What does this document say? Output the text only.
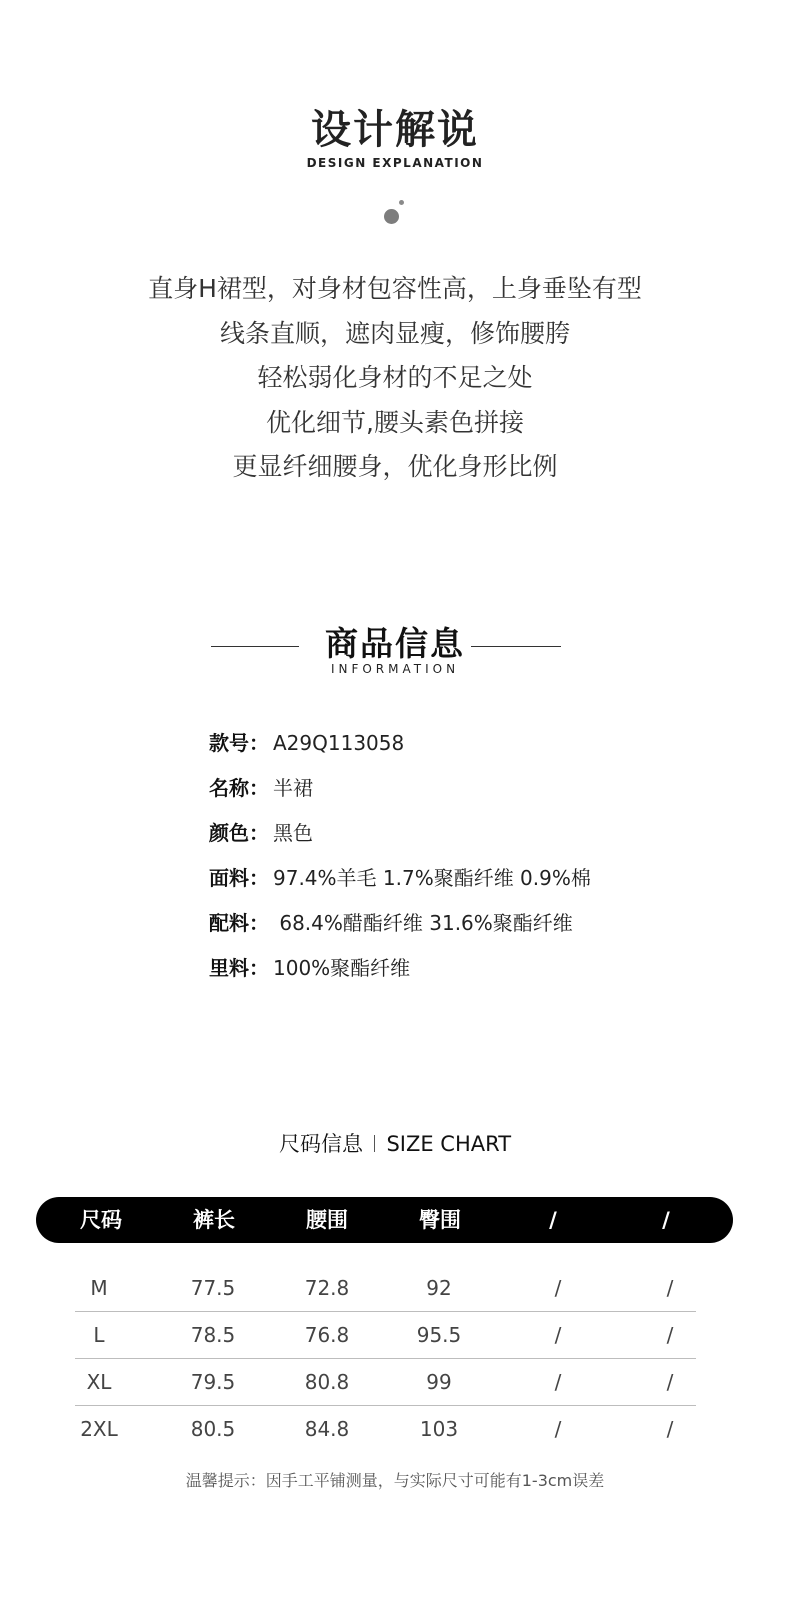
设计解说
DESIGN EXPLANATION
直身H裙型，对身材包容性高，上身垂坠有型
线条直顺，遮肉显瘦，修饰腰胯
轻松弱化身材的不足之处
优化细节,腰头素色拼接
更显纤细腰身，优化身形比例
商品信息
INFORMATION
款号： A29Q113058
名称： 半裙
颜色： 黑色
面料： 97.4%羊毛 1.7%聚酯纤维 0.9%棉
配料： 68.4%醋酯纤维 31.6%聚酯纤维
里料： 100%聚酯纤维
尺码信息 SIZE CHART
尺码	裤长	腰围	臀围	/	/
M	77.5	72.8	92	/	/
L	78.5	76.8	95.5	/	/
XL	79.5	80.8	99	/	/
2XL	80.5	84.8	103	/	/
温馨提示：因手工平铺测量，与实际尺寸可能有1-3cm误差
